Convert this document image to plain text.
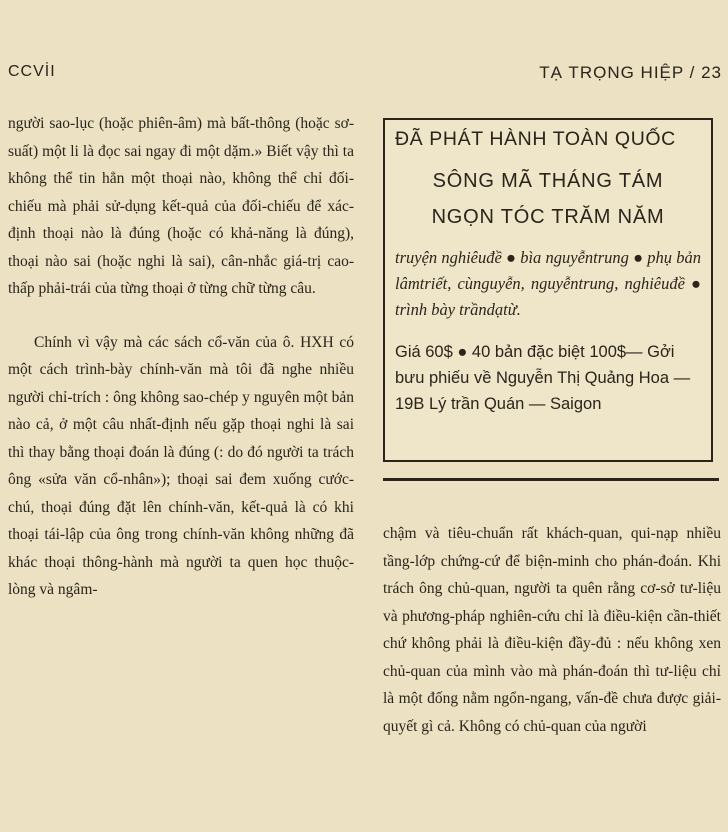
CCVİI	TẠ TRỌNG HIỆP / 23

người sao-lục (hoặc phiên-âm) mà bất-thông (hoặc sơ-suất) một li là đọc sai ngay đi một dặm.» Biết vậy thì ta không thể tin hẳn một thoại nào, không thể chỉ đối-chiếu mà phải sử-dụng kết-quả của đối-chiếu để xác-định thoại nào là đúng (hoặc có khả-năng là đúng), thoại nào sai (hoặc nghi là sai), cân-nhắc giá-trị cao-thấp phải-trái của từng thoại ở từng chữ từng câu.

Chính vì vậy mà các sách cổ-văn của ô. HXH có một cách trình-bày chính-văn mà tôi đã nghe nhiều người chỉ-trích : ông không sao-chép y nguyên một bản nào cả, ở một câu nhất-định nếu gặp thoại nghi là sai thì thay bằng thoại đoán là đúng (: do đó người ta trách ông «sửa văn cổ-nhân»); thoại sai đem xuống cước-chú, thoại đúng đặt lên chính-văn, kết-quả là có khi thoại tái-lập của ông trong chính-văn không những đã khác thoại thông-hành mà người ta quen học thuộc-lòng và ngâm-

ĐÃ PHÁT HÀNH TOÀN QUỐC
SÔNG MÃ THÁNG TÁM
NGỌN TÓC TRĂM NĂM
truyện nghiêuđề ● bìa nguyễntrung ● phụ bản lâmtriết, cùnguyễn, nguyễntrung, nghiêuđề ● trình bày trầndạtừ.
Giá 60$ ● 40 bản đặc biệt 100$— Gởi bưu phiếu về Nguyễn Thị Quảng Hoa — 19B Lý trần Quán — Saigon

chậm và tiêu-chuẩn rất khách-quan, qui-nạp nhiều tầng-lớp chứng-cứ để biện-minh cho phán-đoán. Khi trách ông chủ-quan, người ta quên rằng cơ-sở tư-liệu và phương-pháp nghiên-cứu chỉ là điều-kiện cần-thiết chứ không phải là điều-kiện đầy-đủ : nếu không xen chủ-quan của mình vào mà phán-đoán thì tư-liệu chỉ là một đống nằm ngổn-ngang, vấn-đề chưa được giải-quyết gì cả. Không có chủ-quan của người
